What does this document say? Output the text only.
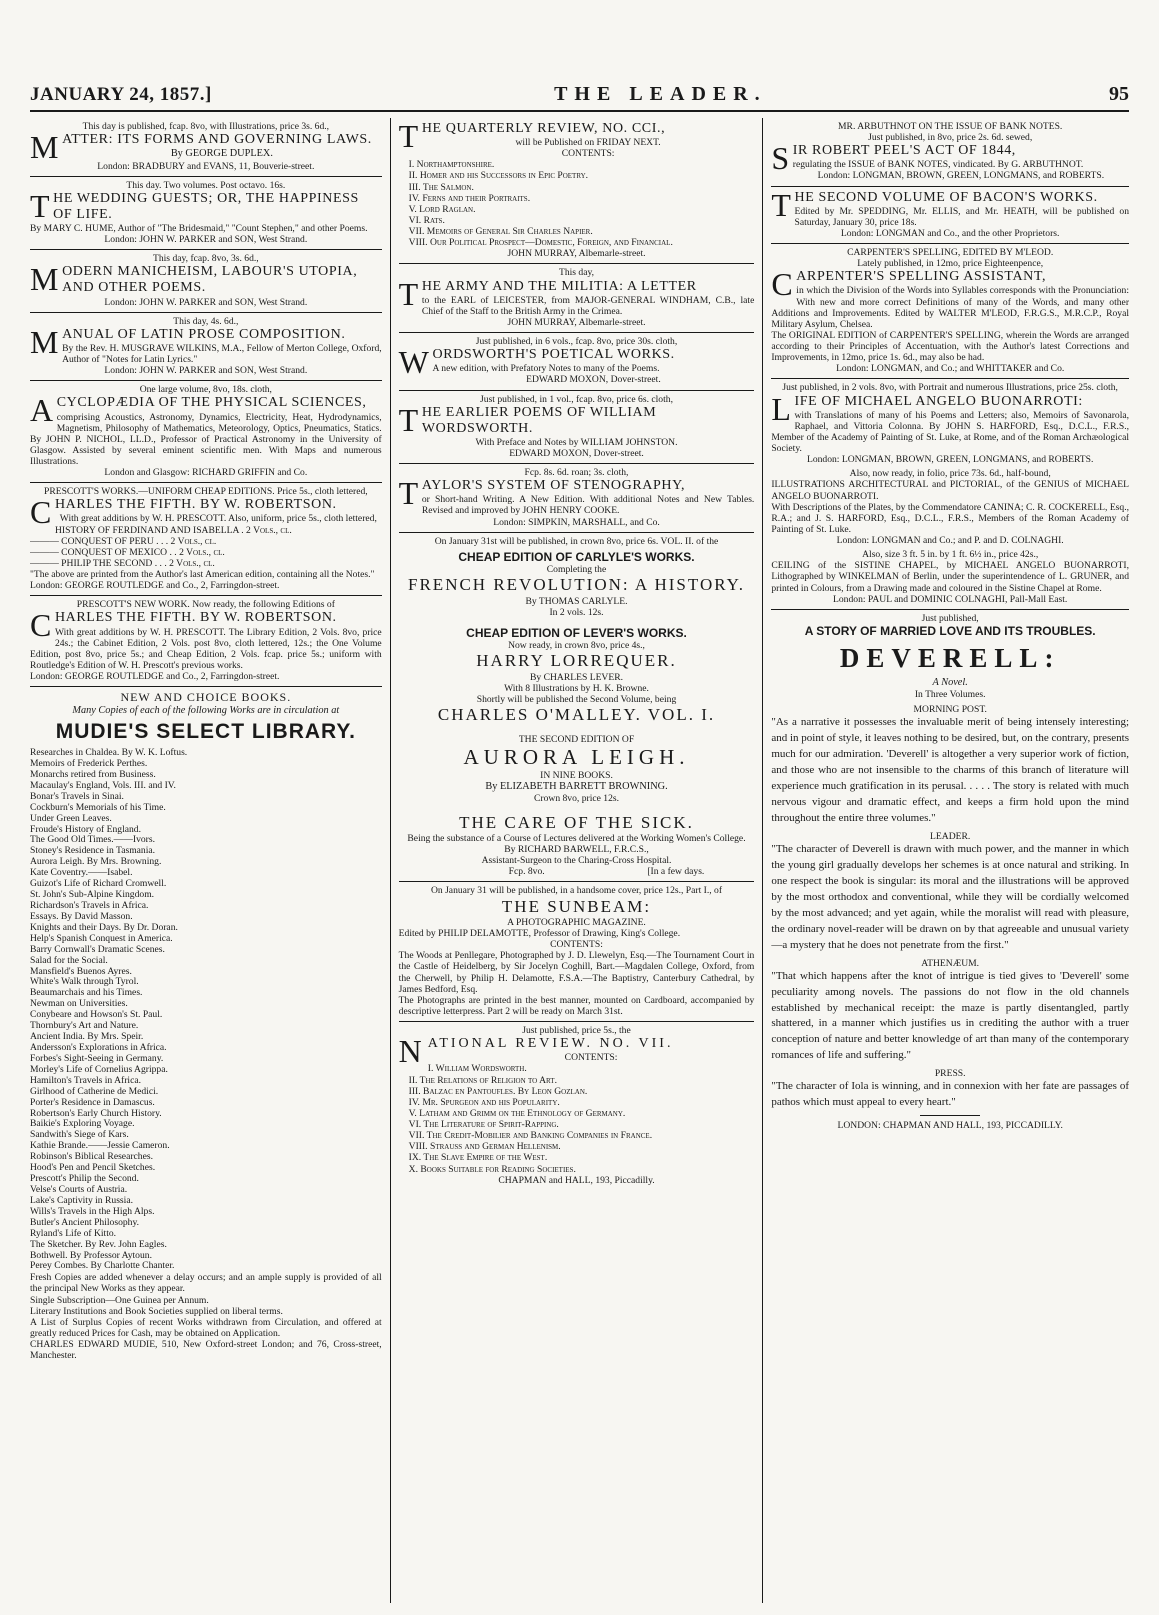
JANUARY 24, 1857.]	THE LEADER.	95

This day is published, fcap. 8vo, with Illustrations, price 3s. 6d.,

MATTER: ITS FORMS AND GOVERNING LAWS.

By GEORGE DUPLEX.

London: BRADBURY and EVANS, 11, Bouverie-street.

This day. Two volumes. Post octavo. 16s.

THE WEDDING GUESTS; OR, THE HAPPINESS OF LIFE.

By MARY C. HUME, Author of "The Bridesmaid," "Count Stephen," and other Poems.

London: JOHN W. PARKER and SON, West Strand.

This day, fcap. 8vo, 3s. 6d.,

MODERN MANICHEISM, LABOUR'S UTOPIA, AND OTHER POEMS.

London: JOHN W. PARKER and SON, West Strand.

This day, 4s. 6d.,

MANUAL OF LATIN PROSE COMPOSITION.

By the Rev. H. MUSGRAVE WILKINS, M.A., Fellow of Merton College, Oxford, Author of "Notes for Latin Lyrics."

London: JOHN W. PARKER and SON, West Strand.

One large volume, 8vo, 18s. cloth,

ACYCLOPÆDIA OF THE PHYSICAL SCIENCES,

comprising Acoustics, Astronomy, Dynamics, Electricity, Heat, Hydrodynamics, Magnetism, Philosophy of Mathematics, Meteorology, Optics, Pneumatics, Statics. By JOHN P. NICHOL, LL.D., Professor of Practical Astronomy in the University of Glasgow. Assisted by several eminent scientific men. With Maps and numerous Illustrations.

London and Glasgow: RICHARD GRIFFIN and Co.

PRESCOTT'S WORKS.—UNIFORM CHEAP EDITIONS. Price 5s., cloth lettered,

CHARLES THE FIFTH. BY W. ROBERTSON.

With great additions by W. H. PRESCOTT. Also, uniform, price 5s., cloth lettered,

HISTORY OF FERDINAND AND ISABELLA . 2 Vols., cl.

——— CONQUEST OF PERU . . . 2 Vols., cl.

——— CONQUEST OF MEXICO . . 2 Vols., cl.

——— PHILIP THE SECOND . . . 2 Vols., cl.

"The above are printed from the Author's last American edition, containing all the Notes."

London: GEORGE ROUTLEDGE and Co., 2, Farringdon-street.

PRESCOTT'S NEW WORK. Now ready, the following Editions of

CHARLES THE FIFTH. BY W. ROBERTSON.

With great additions by W. H. PRESCOTT. The Library Edition, 2 Vols. 8vo, price 24s.; the Cabinet Edition, 2 Vols. post 8vo, cloth lettered, 12s.; the One Volume Edition, post 8vo, price 5s.; and Cheap Edition, 2 Vols. fcap. price 5s.; uniform with Routledge's Edition of W. H. Prescott's previous works.

London: GEORGE ROUTLEDGE and Co., 2, Farringdon-street.

NEW AND CHOICE BOOKS.

Many Copies of each of the following Works are in circulation at

MUDIE'S SELECT LIBRARY.

Researches in Chaldea. By W. K. Loftus.

Memoirs of Frederick Perthes.

Monarchs retired from Business.

Macaulay's England, Vols. III. and IV.

Bonar's Travels in Sinai.

Cockburn's Memorials of his Time.

Under Green Leaves.

Froude's History of England.

The Good Old Times.——Ivors.

Stoney's Residence in Tasmania.

Aurora Leigh. By Mrs. Browning.

Kate Coventry.——Isabel.

Guizot's Life of Richard Cromwell.

St. John's Sub-Alpine Kingdom.

Richardson's Travels in Africa.

Essays. By David Masson.

Knights and their Days. By Dr. Doran.

Help's Spanish Conquest in America.

Barry Cornwall's Dramatic Scenes.

Salad for the Social.

Mansfield's Buenos Ayres.

White's Walk through Tyrol.

Beaumarchais and his Times.

Newman on Universities.

Conybeare and Howson's St. Paul.

Thornbury's Art and Nature.

Ancient India. By Mrs. Speir.

Andersson's Explorations in Africa.

Forbes's Sight-Seeing in Germany.

Morley's Life of Cornelius Agrippa.

Hamilton's Travels in Africa.

Girlhood of Catherine de Medici.

Porter's Residence in Damascus.

Robertson's Early Church History.

Baikie's Exploring Voyage.

Sandwith's Siege of Kars.

Kathie Brande.——Jessie Cameron.

Robinson's Biblical Researches.

Hood's Pen and Pencil Sketches.

Prescott's Philip the Second.

Velse's Courts of Austria.

Lake's Captivity in Russia.

Wills's Travels in the High Alps.

Butler's Ancient Philosophy.

Ryland's Life of Kitto.

The Sketcher. By Rev. John Eagles.

Bothwell. By Professor Aytoun.

Perey Combes. By Charlotte Chanter.

Fresh Copies are added whenever a delay occurs; and an ample supply is provided of all the principal New Works as they appear.

Single Subscription—One Guinea per Annum.

Literary Institutions and Book Societies supplied on liberal terms.

A List of Surplus Copies of recent Works withdrawn from Circulation, and offered at greatly reduced Prices for Cash, may be obtained on Application.

CHARLES EDWARD MUDIE, 510, New Oxford-street London; and 76, Cross-street, Manchester.

THE QUARTERLY REVIEW, NO. CCI.,

will be Published on FRIDAY NEXT.

CONTENTS:

I. Northamptonshire.
II. Homer and his Successors in Epic Poetry.
III. The Salmon.
IV. Ferns and their Portraits.
V. Lord Raglan.
VI. Rats.
VII. Memoirs of General Sir Charles Napier.
VIII. Our Political Prospect—Domestic, Foreign, and Financial.

JOHN MURRAY, Albemarle-street.

This day,

THE ARMY AND THE MILITIA: A LETTER

to the EARL of LEICESTER, from MAJOR-GENERAL WINDHAM, C.B., late Chief of the Staff to the British Army in the Crimea.

JOHN MURRAY, Albemarle-street.

Just published, in 6 vols., fcap. 8vo, price 30s. cloth,

WORDSWORTH'S POETICAL WORKS.

A new edition, with Prefatory Notes to many of the Poems.

EDWARD MOXON, Dover-street.

Just published, in 1 vol., fcap. 8vo, price 6s. cloth,

THE EARLIER POEMS OF WILLIAM WORDSWORTH.

With Preface and Notes by WILLIAM JOHNSTON.

EDWARD MOXON, Dover-street.

Fcp. 8s. 6d. roan; 3s. cloth,

TAYLOR'S SYSTEM OF STENOGRAPHY,

or Short-hand Writing. A New Edition. With additional Notes and New Tables. Revised and improved by JOHN HENRY COOKE.

London: SIMPKIN, MARSHALL, and Co.

On January 31st will be published, in crown 8vo, price 6s. VOL. II. of the

CHEAP EDITION OF CARLYLE'S WORKS.

Completing the

FRENCH REVOLUTION: A HISTORY.

By THOMAS CARLYLE.

In 2 vols. 12s.

CHEAP EDITION OF LEVER'S WORKS.

Now ready, in crown 8vo, price 4s.,

HARRY LORREQUER.

By CHARLES LEVER.

With 8 Illustrations by H. K. Browne.

Shortly will be published the Second Volume, being

CHARLES O'MALLEY. VOL. I.

THE SECOND EDITION OF

AURORA LEIGH.

IN NINE BOOKS.

By ELIZABETH BARRETT BROWNING.

Crown 8vo, price 12s.

THE CARE OF THE SICK.

Being the substance of a Course of Lectures delivered at the Working Women's College.

By RICHARD BARWELL, F.R.C.S.,

Assistant-Surgeon to the Charing-Cross Hospital.

Fcp. 8vo.	[In a few days.

On January 31 will be published, in a handsome cover, price 12s., Part I., of

THE SUNBEAM:

A PHOTOGRAPHIC MAGAZINE.

Edited by PHILIP DELAMOTTE, Professor of Drawing, King's College.

CONTENTS:

The Woods at Penllegare, Photographed by J. D. Llewelyn, Esq.—The Tournament Court in the Castle of Heidelberg, by Sir Jocelyn Coghill, Bart.—Magdalen College, Oxford, from the Cherwell, by Philip H. Delamotte, F.S.A.—The Baptistry, Canterbury Cathedral, by James Bedford, Esq.

The Photographs are printed in the best manner, mounted on Cardboard, accompanied by descriptive letterpress. Part 2 will be ready on March 31st.

Just published, price 5s., the

NATIONAL REVIEW. NO. VII.

CONTENTS:

I. William Wordsworth.
II. The Relations of Religion to Art.
III. Balzac en Pantoufles. By Leon Gozlan.
IV. Mr. Spurgeon and his Popularity.
V. Latham and Grimm on the Ethnology of Germany.
VI. The Literature of Spirit-Rapping.
VII. The Credit-Mobilier and Banking Companies in France.
VIII. Strauss and German Hellenism.
IX. The Slave Empire of the West.
X. Books Suitable for Reading Societies.

CHAPMAN and HALL, 193, Piccadilly.

MR. ARBUTHNOT ON THE ISSUE OF BANK NOTES.

Just published, in 8vo, price 2s. 6d. sewed,

SIR ROBERT PEEL'S ACT OF 1844,

regulating the ISSUE of BANK NOTES, vindicated. By G. ARBUTHNOT.

London: LONGMAN, BROWN, GREEN, LONGMANS, and ROBERTS.

THE SECOND VOLUME OF BACON'S WORKS.

Edited by Mr. SPEDDING, Mr. ELLIS, and Mr. HEATH, will be published on Saturday, January 30, price 18s.

London: LONGMAN and Co., and the other Proprietors.

CARPENTER'S SPELLING, EDITED BY M'LEOD.

Lately published, in 12mo, price Eighteenpence,

CARPENTER'S SPELLING ASSISTANT,

in which the Division of the Words into Syllables corresponds with the Pronunciation: With new and more correct Definitions of many of the Words, and many other Additions and Improvements. Edited by WALTER M'LEOD, F.R.G.S., M.R.C.P., Royal Military Asylum, Chelsea.

The ORIGINAL EDITION of CARPENTER'S SPELLING, wherein the Words are arranged according to their Principles of Accentuation, with the Author's latest Corrections and Improvements, in 12mo, price 1s. 6d., may also be had.

London: LONGMAN, and Co.; and WHITTAKER and Co.

Just published, in 2 vols. 8vo, with Portrait and numerous Illustrations, price 25s. cloth,

LIFE OF MICHAEL ANGELO BUONARROTI:

with Translations of many of his Poems and Letters; also, Memoirs of Savonarola, Raphael, and Vittoria Colonna. By JOHN S. HARFORD, Esq., D.C.L., F.R.S., Member of the Academy of Painting of St. Luke, at Rome, and of the Roman Archæological Society.

London: LONGMAN, BROWN, GREEN, LONGMANS, and ROBERTS.

Also, now ready, in folio, price 73s. 6d., half-bound,

ILLUSTRATIONS ARCHITECTURAL and PICTORIAL, of the GENIUS of MICHAEL ANGELO BUONARROTI.

With Descriptions of the Plates, by the Commendatore CANINA; C. R. COCKERELL, Esq., R.A.; and J. S. HARFORD, Esq., D.C.L., F.R.S., Members of the Roman Academy of Painting of St. Luke.

London: LONGMAN and Co.; and P. and D. COLNAGHI.

Also, size 3 ft. 5 in. by 1 ft. 6½ in., price 42s.,

CEILING of the SISTINE CHAPEL, by MICHAEL ANGELO BUONARROTI, Lithographed by WINKELMAN of Berlin, under the superintendence of L. GRUNER, and printed in Colours, from a Drawing made and coloured in the Sistine Chapel at Rome.

London: PAUL and DOMINIC COLNAGHI, Pall-Mall East.

Just published,

A STORY OF MARRIED LOVE AND ITS TROUBLES.

DEVERELL:

A Novel.

In Three Volumes.

MORNING POST.

"As a narrative it possesses the invaluable merit of being intensely interesting; and in point of style, it leaves nothing to be desired, but, on the contrary, presents much for our admiration. 'Deverell' is altogether a very superior work of fiction, and those who are not insensible to the charms of this branch of literature will experience much gratification in its perusal. . . . . The story is related with much nervous vigour and dramatic effect, and keeps a firm hold upon the mind throughout the entire three volumes."

LEADER.

"The character of Deverell is drawn with much power, and the manner in which the young girl gradually develops her schemes is at once natural and striking. In one respect the book is singular: its moral and the illustrations will be approved by the most orthodox and conventional, while they will be cordially welcomed by the most advanced; and yet again, while the moralist will read with pleasure, the ordinary novel-reader will be drawn on by that agreeable and unusual variety—a mystery that he does not penetrate from the first."

ATHENÆUM.

"That which happens after the knot of intrigue is tied gives to 'Deverell' some peculiarity among novels. The passions do not flow in the old channels established by mechanical receipt: the maze is partly disentangled, partly shattered, in a manner which justifies us in crediting the author with a truer conception of nature and better knowledge of art than many of the contemporary romances of life and suffering."

PRESS.

"The character of Iola is winning, and in connexion with her fate are passages of pathos which must appeal to every heart."

LONDON: CHAPMAN AND HALL, 193, PICCADILLY.
